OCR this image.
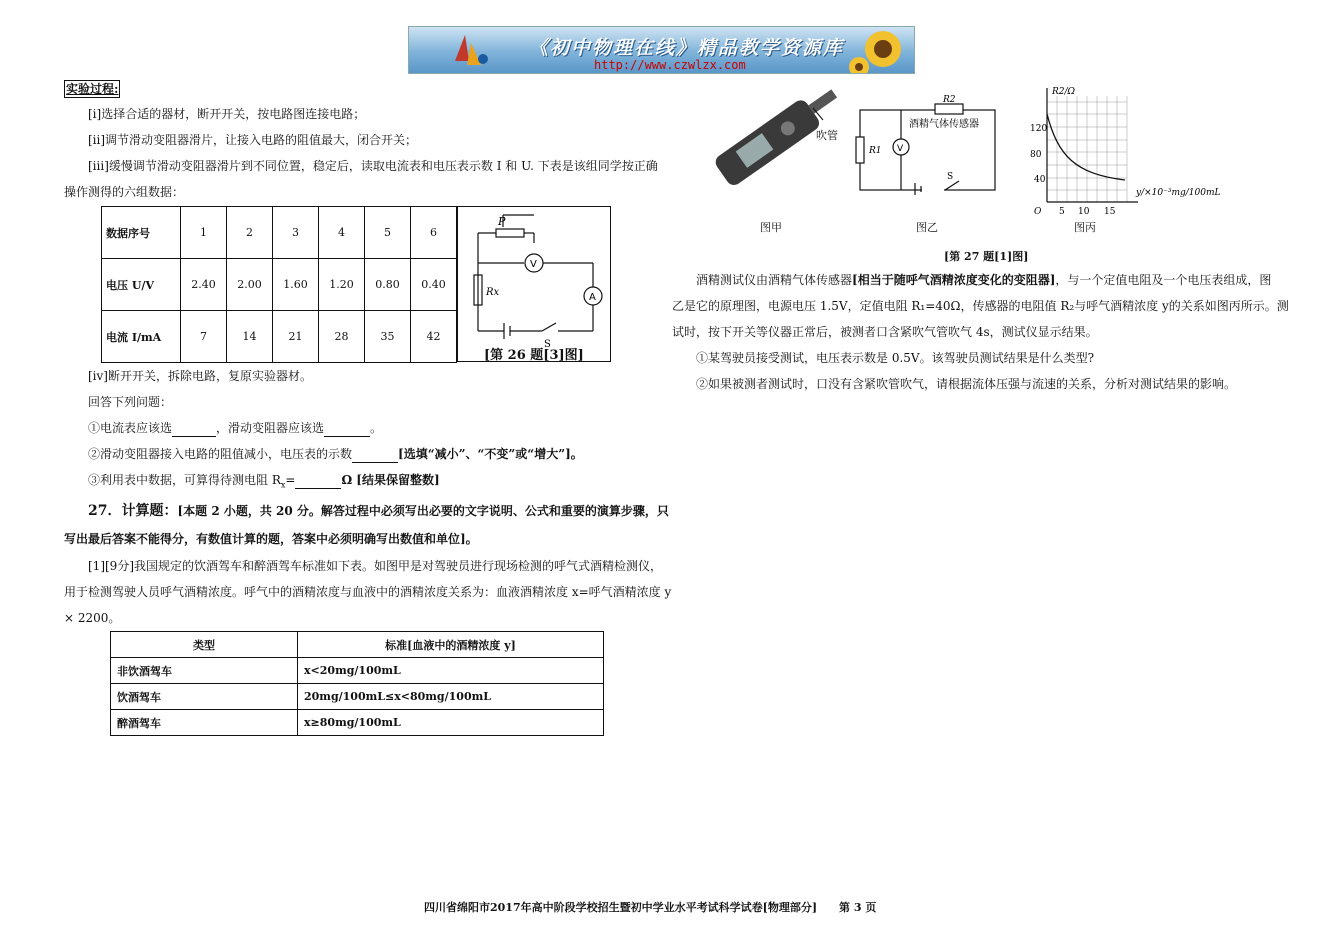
《初中物理在线》精品教学资源库
http://www.czwlzx.com
实验过程:
[i]选择合适的器材，断开开关，按电路图连接电路；
[ii]调节滑动变阻器滑片，让接入电路的阻值最大，闭合开关；
[iii]缓慢调节滑动变阻器滑片到不同位置，稳定后，读取电流表和电压表示数 I 和 U. 下表是该组同学按正确
操作测得的六组数据：
数据序号	1	2	3	4	5	6
电压 U/V	2.40	2.00	1.60	1.20	0.80	0.40
电流 I/mA	7	14	21	28	35	42
P
V
A
Rx
S
[第 26 题[3]图]
[iv]断开开关，拆除电路，复原实验器材。
回答下列问题：
①电流表应该选	，滑动变阻器应该选	。
②滑动变阻器接入电路的阻值减小，电压表的示数	[选填“减小”、“不变”或“增大”]。
③利用表中数据，可算得待测电阻 $R_x=$	Ω [结果保留整数]
27．计算题：[本题 2 小题，共 20 分。解答过程中必须写出必要的文字说明、公式和重要的演算步骤，只
写出最后答案不能得分，有数值计算的题，答案中必须明确写出数值和单位]。
[1][9分]我国规定的饮酒驾车和醉酒驾车标准如下表。如图甲是对驾驶员进行现场检测的呼气式酒精检测仪，
用于检测驾驶人员呼气酒精浓度。呼气中的酒精浓度与血液中的酒精浓度关系为：血液酒精浓度 x=呼气酒精浓度 y
× 2200。
类型	标准[血液中的酒精浓度 y]
非饮酒驾车	x<20mg/100mL
饮酒驾车	20mg/100mL≤x<80mg/100mL
醉酒驾车	x≥80mg/100mL
吹管
R2
酒精气体传感器
R1 V
S
R2/Ω
120
80
40
O 5 10 15
y/×10⁻³mg/100mL
图甲	图乙	图丙
[第 27 题[1]图]
酒精测试仪由酒精气体传感器[相当于随呼气酒精浓度变化的变阻器]，与一个定值电阻及一个电压表组成，图
乙是它的原理图，电源电压 1.5V，定值电阻 R₁=40Ω，传感器的电阻值 R₂与呼气酒精浓度 y的关系如图丙所示。测
试时，按下开关等仪器正常后，被测者口含紧吹气管吹气 4s，测试仪显示结果。
①某驾驶员接受测试，电压表示数是 0.5V。该驾驶员测试结果是什么类型?
②如果被测者测试时，口没有含紧吹管吹气，请根据流体压强与流速的关系，分析对测试结果的影响。
四川省绵阳市2017年高中阶段学校招生暨初中学业水平考试科学试卷[物理部分] 第 3 页
